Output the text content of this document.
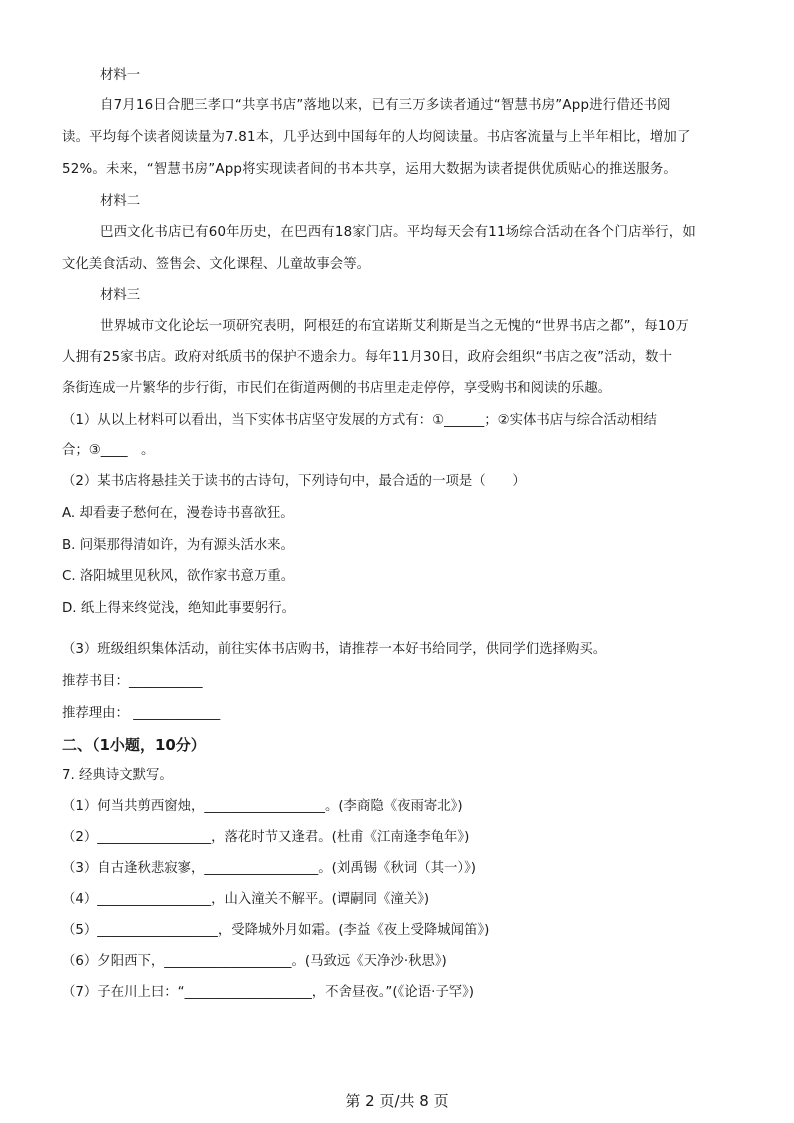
材料一
自7月16日合肥三孝口“共享书店”落地以来，已有三万多读者通过“智慧书房”App进行借还书阅
读。平均每个读者阅读量为7.81本，几乎达到中国每年的人均阅读量。书店客流量与上半年相比，增加了
52%。未来，“智慧书房”App将实现读者间的书本共享，运用大数据为读者提供优质贴心的推送服务。
材料二
巴西文化书店已有60年历史，在巴西有18家门店。平均每天会有11场综合活动在各个门店举行，如
文化美食活动、签售会、文化课程、儿童故事会等。
材料三
世界城市文化论坛一项研究表明，阿根廷的布宜诺斯艾利斯是当之无愧的“世界书店之都”，每10万
人拥有25家书店。政府对纸质书的保护不遗余力。每年11月30日，政府会组织“书店之夜”活动，数十
条街连成一片繁华的步行街，市民们在街道两侧的书店里走走停停，享受购书和阅读的乐趣。
（1）从以上材料可以看出，当下实体书店坚守发展的方式有：①______；②实体书店与综合活动相结
合；③____　。
（2）某书店将悬挂关于读书的古诗句，下列诗句中，最合适的一项是（　　）
A. 却看妻子愁何在，漫卷诗书喜欲狂。
B. 问渠那得清如许，为有源头活水来。
C. 洛阳城里见秋风，欲作家书意万重。
D. 纸上得来终觉浅，绝知此事要躬行。
（3）班级组织集体活动，前往实体书店购书，请推荐一本好书给同学，供同学们选择购买。
推荐书目：___________
推荐理由： _____________
二、（1小题，10分）
7. 经典诗文默写。
（1）何当共剪西窗烛，__________________。(李商隐《夜雨寄北》)
（2）_________________，落花时节又逢君。(杜甫《江南逢李龟年》)
（3）自古逢秋悲寂寥，_________________。(刘禹锡《秋词（其一）》)
（4）_________________，山入潼关不解平。(谭嗣同《潼关》)
（5）__________________，受降城外月如霜。(李益《夜上受降城闻笛》)
（6）夕阳西下，___________________。(马致远《天净沙·秋思》)
（7）子在川上曰：“___________________，不舍昼夜。”(《论语·子罕》)
第 2 页/共 8 页
